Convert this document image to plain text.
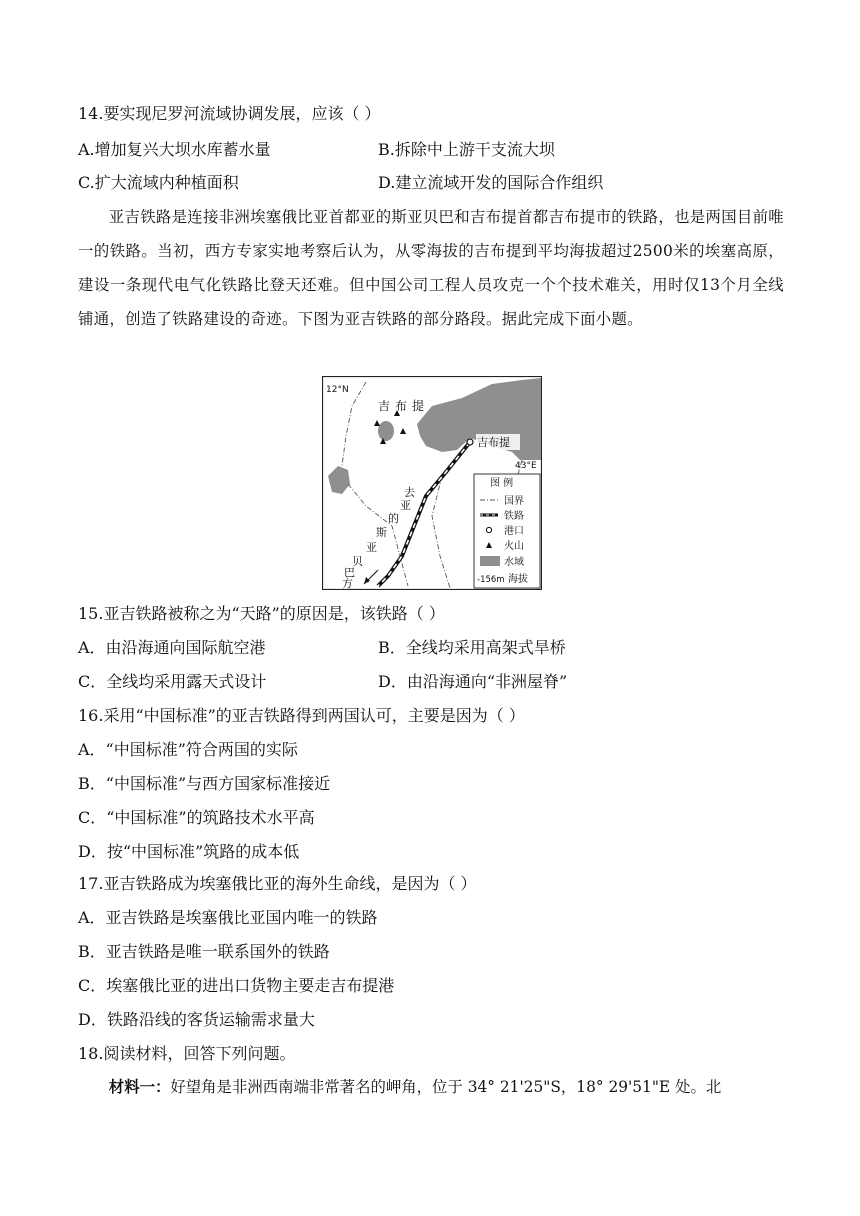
14.要实现尼罗河流域协调发展，应该（ ）
A.增加复兴大坝水库蓄水量	B.拆除中上游干支流大坝
C.扩大流域内种植面积	D.建立流域开发的国际合作组织
亚吉铁路是连接非洲埃塞俄比亚首都亚的斯亚贝巴和吉布提首都吉布提市的铁路，也是两国目前唯一的铁路。当初，西方专家实地考察后认为，从零海拔的吉布提到平均海拔超过2500米的埃塞高原，建设一条现代电气化铁路比登天还难。但中国公司工程人员攻克一个个技术难关，用时仅13个月全线铺通，创造了铁路建设的奇迹。下图为亚吉铁路的部分路段。据此完成下面小题。
12°N
43°E
吉布提
吉布提
去亚的 斯亚贝 巴方
图 例
国界
铁路
港口
火山
水域
-156m 海拔
15.亚吉铁路被称之为“天路”的原因是，该铁路（ ）
A．由沿海通向国际航空港	B．全线均采用高架式旱桥
C．全线均采用露天式设计	D．由沿海通向“非洲屋脊”
16.采用“中国标准”的亚吉铁路得到两国认可，主要是因为（ ）
A．“中国标准”符合两国的实际
B．“中国标准”与西方国家标准接近
C．“中国标准”的筑路技术水平高
D．按“中国标准”筑路的成本低
17.亚吉铁路成为埃塞俄比亚的海外生命线，是因为（ ）
A．亚吉铁路是埃塞俄比亚国内唯一的铁路
B．亚吉铁路是唯一联系国外的铁路
C．埃塞俄比亚的进出口货物主要走吉布提港
D．铁路沿线的客货运输需求量大
18.阅读材料，回答下列问题。
材料一：好望角是非洲西南端非常著名的岬角，位于 34° 21'25"S，18° 29'51"E 处。北
